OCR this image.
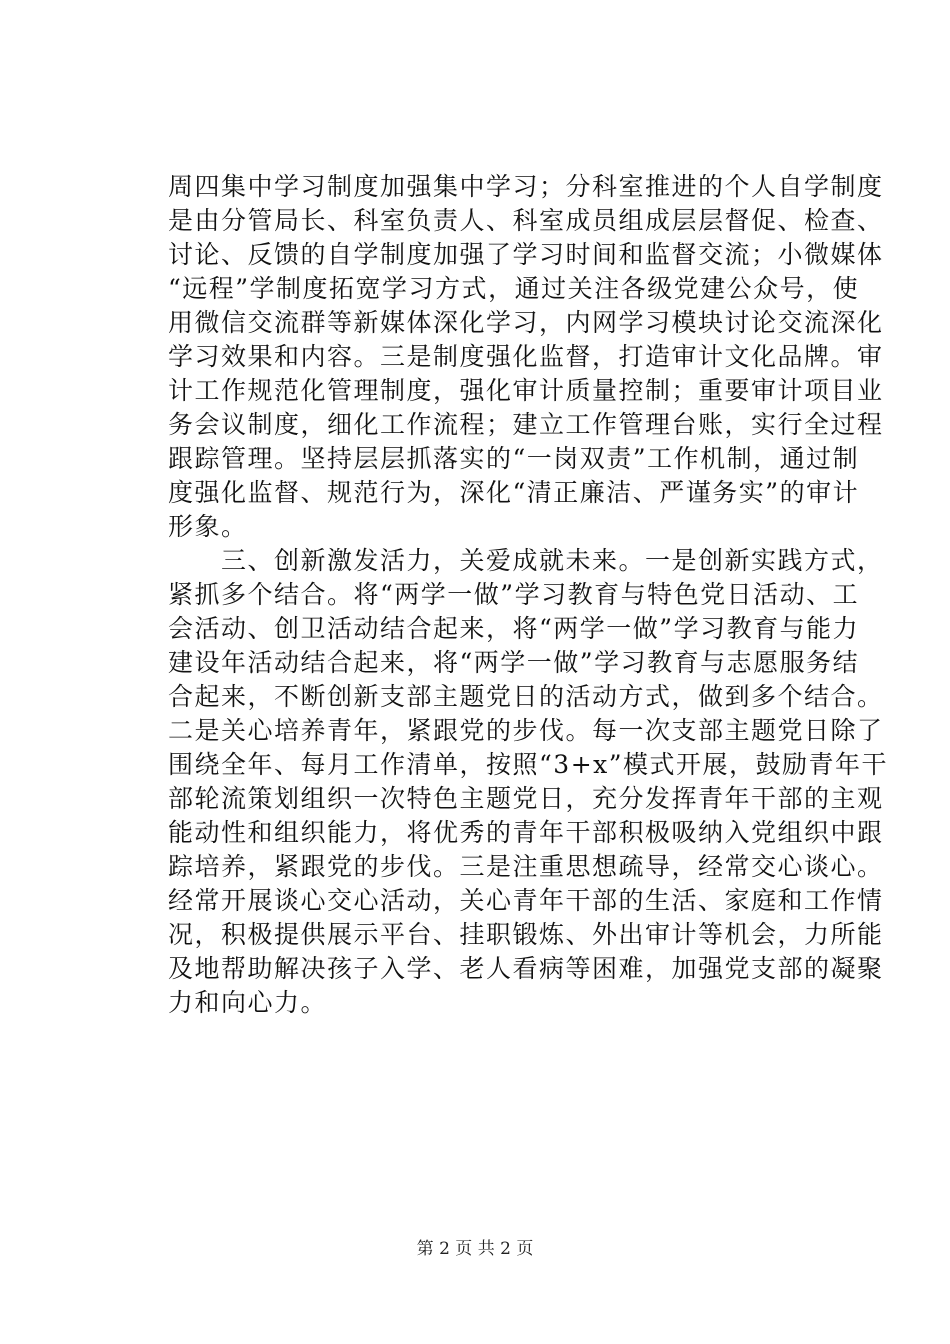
周四集中学习制度加强集中学习；分科室推进的个人自学制度
是由分管局长、科室负责人、科室成员组成层层督促、检查、
讨论、反馈的自学制度加强了学习时间和监督交流；小微媒体
“远程”学制度拓宽学习方式，通过关注各级党建公众号，使
用微信交流群等新媒体深化学习，内网学习模块讨论交流深化
学习效果和内容。三是制度强化监督，打造审计文化品牌。审
计工作规范化管理制度，强化审计质量控制；重要审计项目业
务会议制度，细化工作流程；建立工作管理台账，实行全过程
跟踪管理。坚持层层抓落实的“一岗双责”工作机制，通过制
度强化监督、规范行为，深化“清正廉洁、严谨务实”的审计
形象。
　　三、创新激发活力，关爱成就未来。一是创新实践方式，
紧抓多个结合。将“两学一做”学习教育与特色党日活动、工
会活动、创卫活动结合起来，将“两学一做”学习教育与能力
建设年活动结合起来，将“两学一做”学习教育与志愿服务结
合起来，不断创新支部主题党日的活动方式，做到多个结合。
二是关心培养青年，紧跟党的步伐。每一次支部主题党日除了
围绕全年、每月工作清单，按照“3+x”模式开展，鼓励青年干
部轮流策划组织一次特色主题党日，充分发挥青年干部的主观
能动性和组织能力，将优秀的青年干部积极吸纳入党组织中跟
踪培养，紧跟党的步伐。三是注重思想疏导，经常交心谈心。
经常开展谈心交心活动，关心青年干部的生活、家庭和工作情
况，积极提供展示平台、挂职锻炼、外出审计等机会，力所能
及地帮助解决孩子入学、老人看病等困难，加强党支部的凝聚
力和向心力。
第 2 页 共 2 页
